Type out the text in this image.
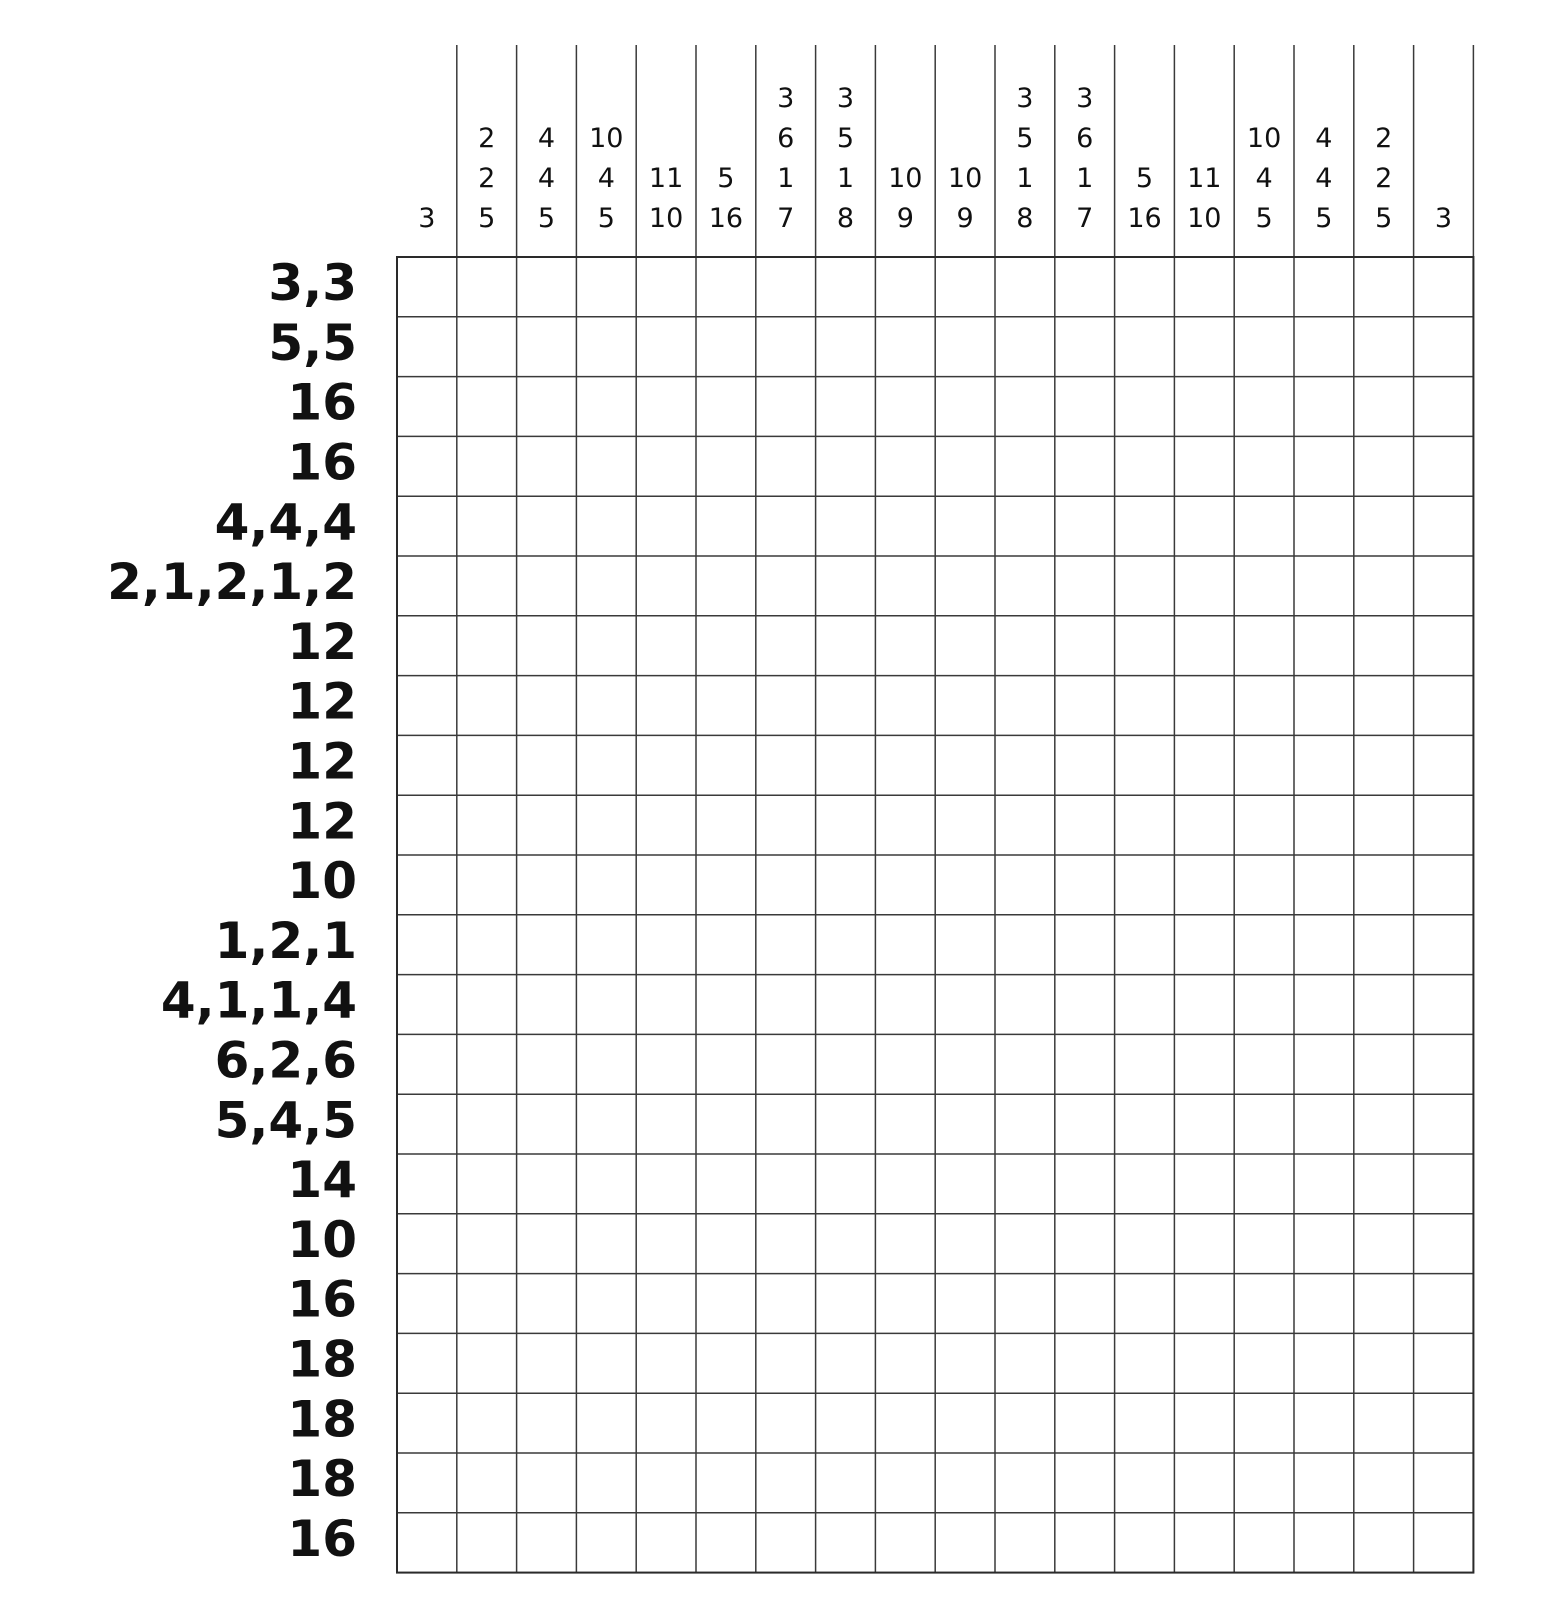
3
2
2
5
4
4
5
10
4
5
11
10
5
16
3
6
1
7
3
5
1
8
10
9
10
9
3
5
1
8
3
6
1
7
5
16
11
10
10
4
5
4
4
5
2
2
5 3
3,3
5,5
16
16
4,4,4
2,1,2,1,2
12
12
12
12
10
1,2,1
4,1,1,4
6,2,6
5,4,5
14
10
16
18
18
18
16
